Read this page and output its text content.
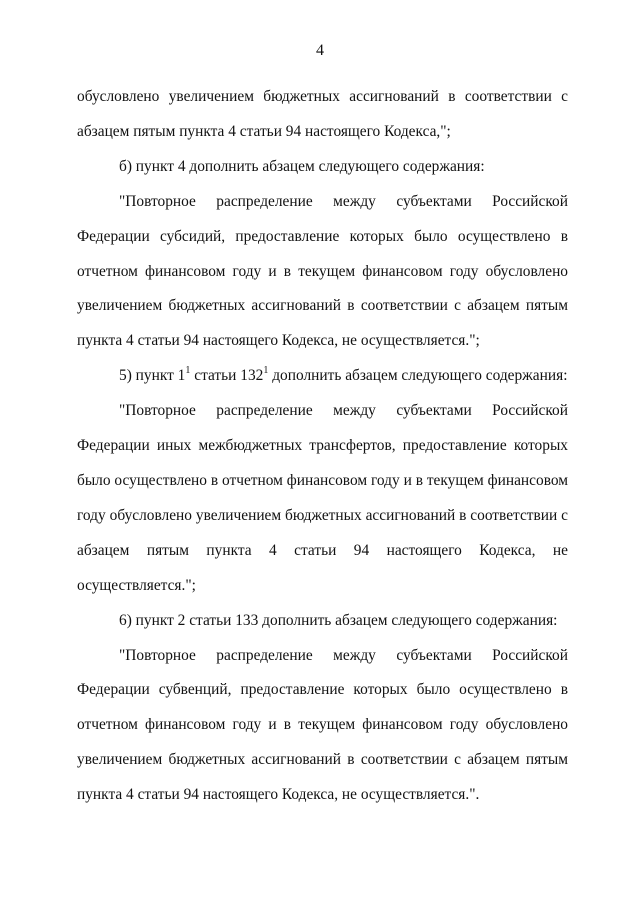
4

обусловлено увеличением бюджетных ассигнований в соответствии с абзацем пятым пункта 4 статьи 94 настоящего Кодекса,";

б) пункт 4 дополнить абзацем следующего содержания:

"Повторное распределение между субъектами Российской Федерации субсидий, предоставление которых было осуществлено в отчетном финансовом году и в текущем финансовом году обусловлено увеличением бюджетных ассигнований в соответствии с абзацем пятым пункта 4 статьи 94 настоящего Кодекса, не осуществляется.";

5) пункт $1^1$ статьи $132^1$ дополнить абзацем следующего содержания:

"Повторное распределение между субъектами Российской Федерации иных межбюджетных трансфертов, предоставление которых было осуществлено в отчетном финансовом году и в текущем финансовом году обусловлено увеличением бюджетных ассигнований в соответствии с абзацем пятым пункта 4 статьи 94 настоящего Кодекса, не осуществляется.";

6) пункт 2 статьи 133 дополнить абзацем следующего содержания:

"Повторное распределение между субъектами Российской Федерации субвенций, предоставление которых было осуществлено в отчетном финансовом году и в текущем финансовом году обусловлено увеличением бюджетных ассигнований в соответствии с абзацем пятым пункта 4 статьи 94 настоящего Кодекса, не осуществляется.".
